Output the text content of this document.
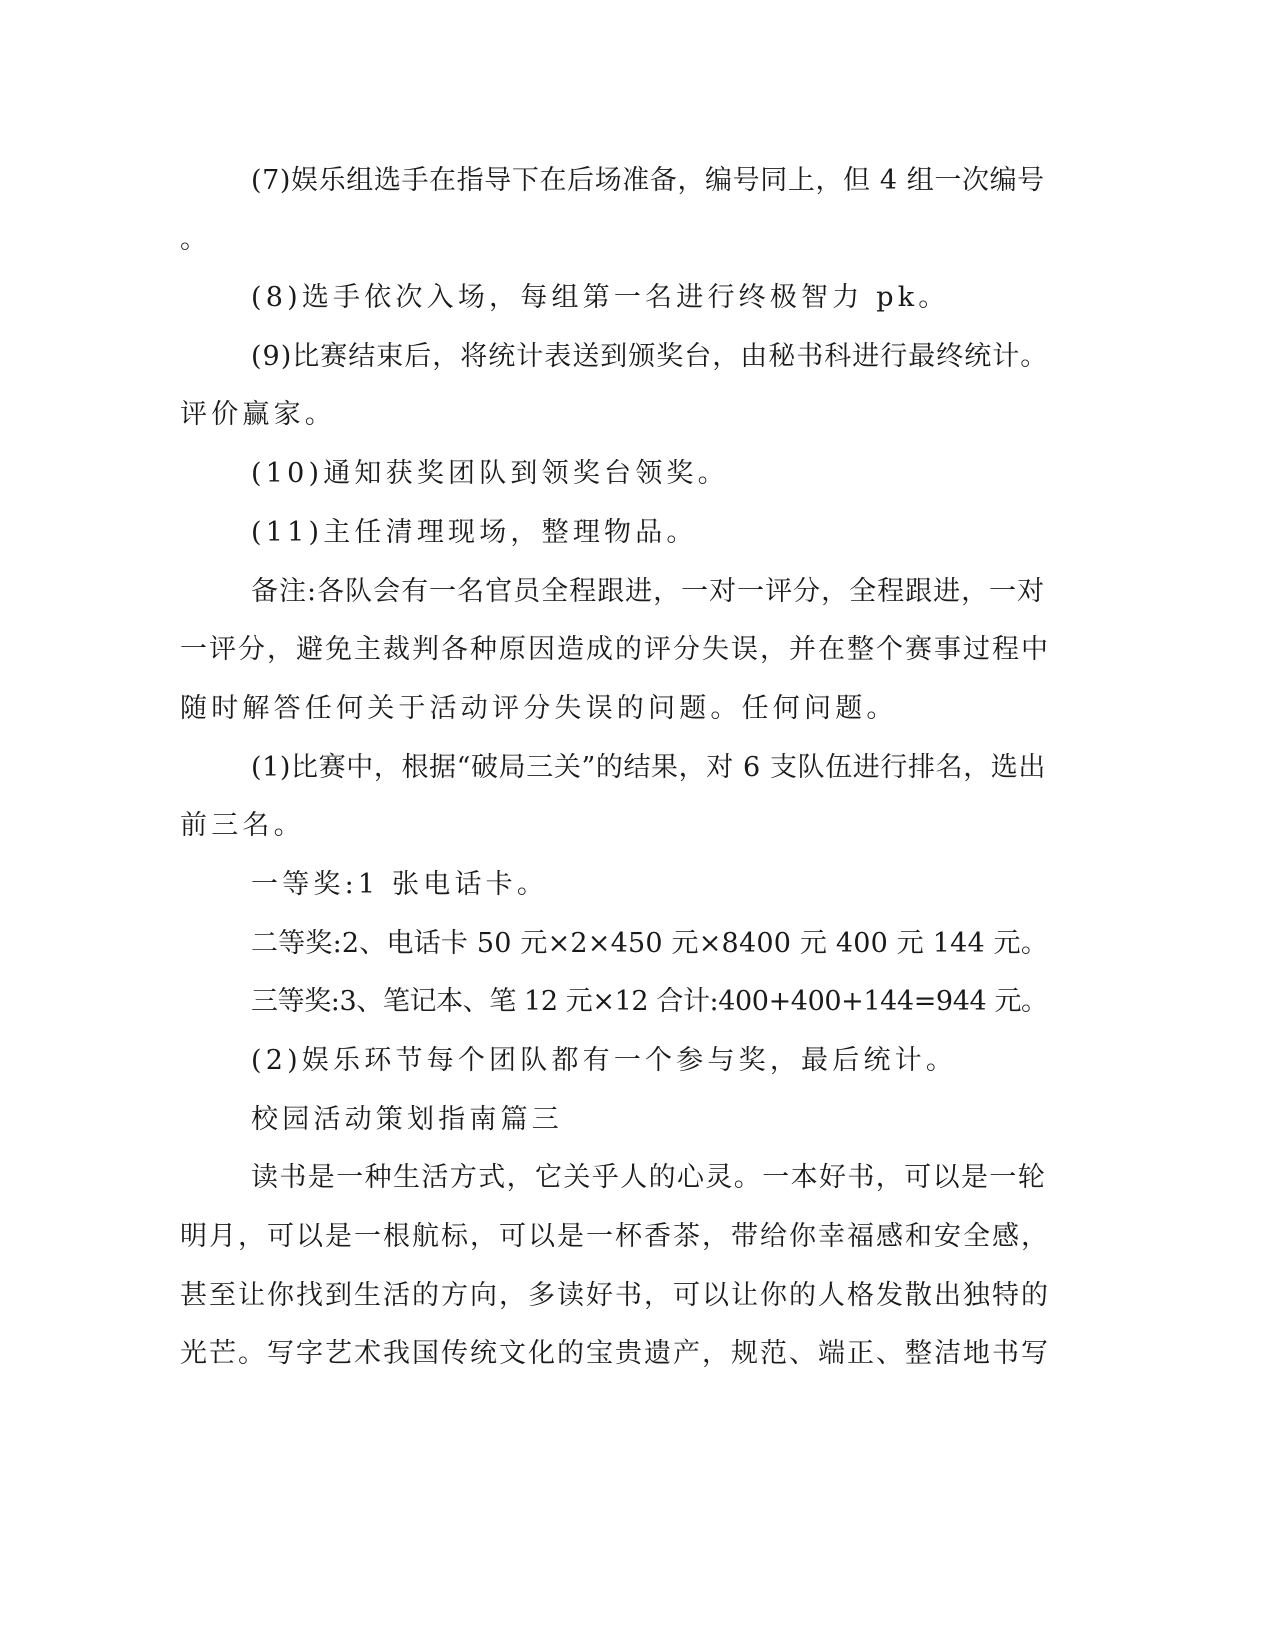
(7)娱乐组选手在指导下在后场准备，编号同上，但 4 组一次编号
。
(8)选手依次入场，每组第一名进行终极智力 pk。
(9)比赛结束后，将统计表送到颁奖台，由秘书科进行最终统计。
评价赢家。
(10)通知获奖团队到领奖台领奖。
(11)主任清理现场，整理物品。
备注:各队会有一名官员全程跟进，一对一评分，全程跟进，一对
一评分，避免主裁判各种原因造成的评分失误，并在整个赛事过程中
随时解答任何关于活动评分失误的问题。任何问题。
(1)比赛中，根据“破局三关”的结果，对 6 支队伍进行排名，选出
前三名。
一等奖:1 张电话卡。
二等奖:2、电话卡 50 元×2×450 元×8400 元 400 元 144 元。
三等奖:3、笔记本、笔 12 元×12 合计:400+400+144=944 元。
(2)娱乐环节每个团队都有一个参与奖，最后统计。
校园活动策划指南篇三
读书是一种生活方式，它关乎人的心灵。一本好书，可以是一轮
明月，可以是一根航标，可以是一杯香茶，带给你幸福感和安全感，
甚至让你找到生活的方向，多读好书，可以让你的人格发散出独特的
光芒。写字艺术我国传统文化的宝贵遗产，规范、端正、整洁地书写
